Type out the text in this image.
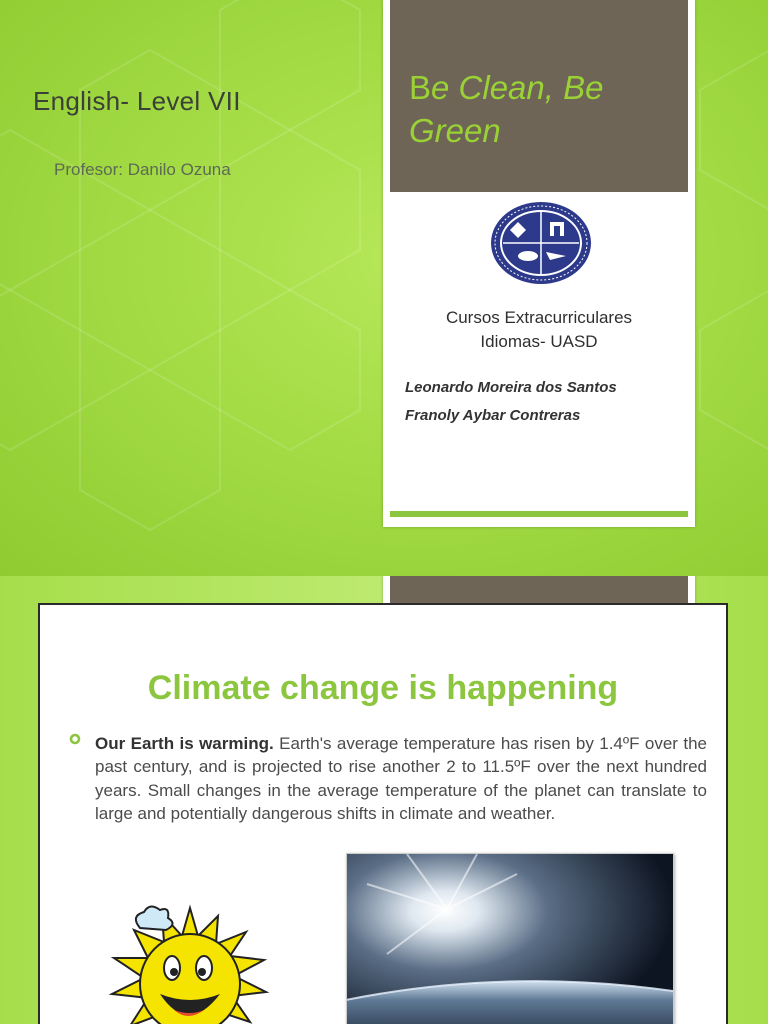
English- Level VII
Profesor: Danilo Ozuna
Be Clean, Be Green
Cursos Extracurriculares
Idiomas- UASD
Leonardo Moreira dos Santos
Franoly Aybar Contreras
Climate change is happening

Our Earth is warming. Earth's average temperature has risen by 1.4ºF over the past century, and is projected to rise another 2 to 11.5ºF over the next hundred years. Small changes in the average temperature of the planet can translate to large and potentially dangerous shifts in climate and weather.
